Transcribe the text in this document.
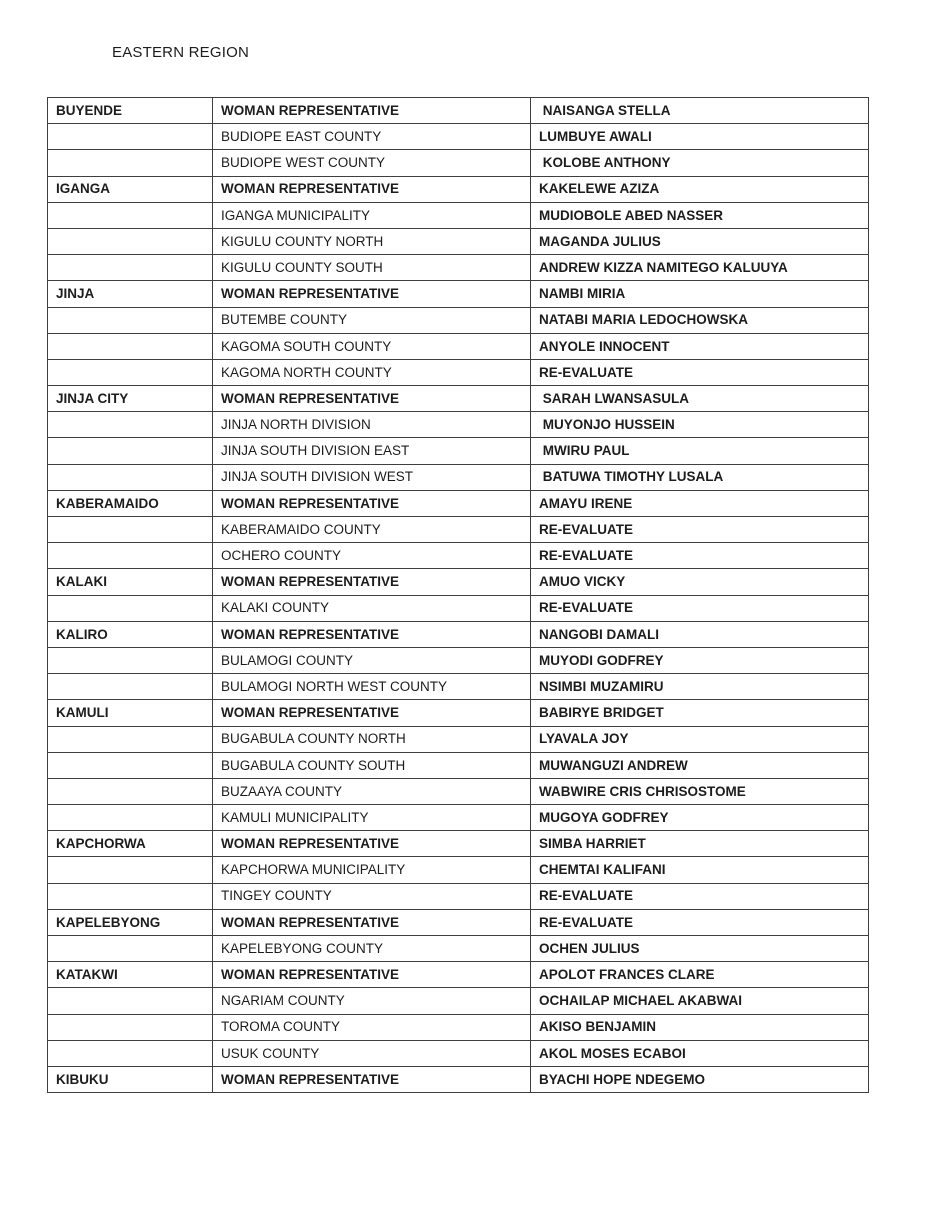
EASTERN REGION
BUYENDE	WOMAN REPRESENTATIVE	NAISANGA STELLA
	BUDIOPE EAST COUNTY	LUMBUYE AWALI
	BUDIOPE WEST COUNTY	KOLOBE ANTHONY
IGANGA	WOMAN REPRESENTATIVE	KAKELEWE AZIZA
	IGANGA MUNICIPALITY	MUDIOBOLE ABED NASSER
	KIGULU COUNTY NORTH	MAGANDA JULIUS
	KIGULU COUNTY SOUTH	ANDREW KIZZA NAMITEGO KALUUYA
JINJA	WOMAN REPRESENTATIVE	NAMBI MIRIA
	BUTEMBE COUNTY	NATABI MARIA LEDOCHOWSKA
	KAGOMA SOUTH COUNTY	ANYOLE INNOCENT
	KAGOMA NORTH COUNTY	RE-EVALUATE
JINJA CITY	WOMAN REPRESENTATIVE	SARAH LWANSASULA
	JINJA NORTH DIVISION	MUYONJO HUSSEIN
	JINJA SOUTH DIVISION EAST	MWIRU PAUL
	JINJA SOUTH DIVISION WEST	BATUWA TIMOTHY LUSALA
KABERAMAIDO	WOMAN REPRESENTATIVE	AMAYU IRENE
	KABERAMAIDO COUNTY	RE-EVALUATE
	OCHERO COUNTY	RE-EVALUATE
KALAKI	WOMAN REPRESENTATIVE	AMUO VICKY
	KALAKI COUNTY	RE-EVALUATE
KALIRO	WOMAN REPRESENTATIVE	NANGOBI DAMALI
	BULAMOGI COUNTY	MUYODI GODFREY
	BULAMOGI NORTH WEST COUNTY	NSIMBI MUZAMIRU
KAMULI	WOMAN REPRESENTATIVE	BABIRYE BRIDGET
	BUGABULA COUNTY NORTH	LYAVALA JOY
	BUGABULA COUNTY SOUTH	MUWANGUZI ANDREW
	BUZAAYA COUNTY	WABWIRE CRIS CHRISOSTOME
	KAMULI MUNICIPALITY	MUGOYA GODFREY
KAPCHORWA	WOMAN REPRESENTATIVE	SIMBA HARRIET
	KAPCHORWA MUNICIPALITY	CHEMTAI KALIFANI
	TINGEY COUNTY	RE-EVALUATE
KAPELEBYONG	WOMAN REPRESENTATIVE	RE-EVALUATE
	KAPELEBYONG COUNTY	OCHEN JULIUS
KATAKWI	WOMAN REPRESENTATIVE	APOLOT FRANCES CLARE
	NGARIAM COUNTY	OCHAILAP MICHAEL AKABWAI
	TOROMA COUNTY	AKISO BENJAMIN
	USUK COUNTY	AKOL MOSES ECABOI
KIBUKU	WOMAN REPRESENTATIVE	BYACHI HOPE NDEGEMO
